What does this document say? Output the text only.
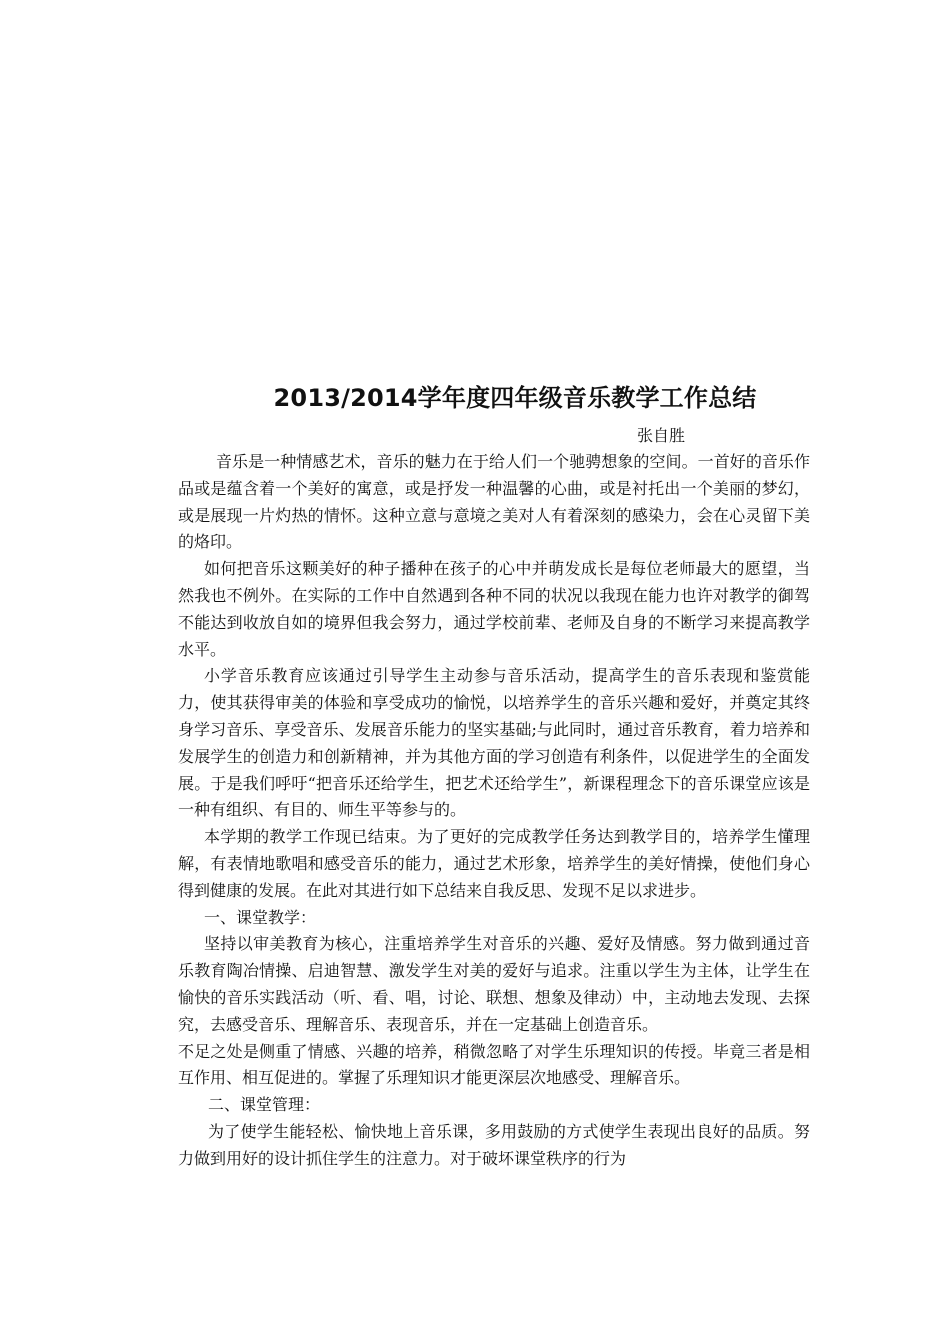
2013/2014学年度四年级音乐教学工作总结
张自胜

音乐是一种情感艺术，音乐的魅力在于给人们一个驰骋想象的空间。一首好的音乐作品或是蕴含着一个美好的寓意，或是抒发一种温馨的心曲，或是衬托出一个美丽的梦幻，或是展现一片灼热的情怀。这种立意与意境之美对人有着深刻的感染力，会在心灵留下美的烙印。

如何把音乐这颗美好的种子播种在孩子的心中并萌发成长是每位老师最大的愿望，当然我也不例外。在实际的工作中自然遇到各种不同的状况以我现在能力也许对教学的御驾不能达到收放自如的境界但我会努力，通过学校前辈、老师及自身的不断学习来提高教学水平。

小学音乐教育应该通过引导学生主动参与音乐活动，提高学生的音乐表现和鉴赏能力，使其获得审美的体验和享受成功的愉悦，以培养学生的音乐兴趣和爱好，并奠定其终身学习音乐、享受音乐、发展音乐能力的坚实基础;与此同时，通过音乐教育，着力培养和发展学生的创造力和创新精神，并为其他方面的学习创造有利条件，以促进学生的全面发展。于是我们呼吁“把音乐还给学生，把艺术还给学生”，新课程理念下的音乐课堂应该是一种有组织、有目的、师生平等参与的。

本学期的教学工作现已结束。为了更好的完成教学任务达到教学目的，培养学生懂理解，有表情地歌唱和感受音乐的能力，通过艺术形象，培养学生的美好情操，使他们身心得到健康的发展。在此对其进行如下总结来自我反思、发现不足以求进步。

一、课堂教学：

坚持以审美教育为核心，注重培养学生对音乐的兴趣、爱好及情感。努力做到通过音乐教育陶冶情操、启迪智慧、激发学生对美的爱好与追求。注重以学生为主体，让学生在愉快的音乐实践活动（听、看、唱，讨论、联想、想象及律动）中，主动地去发现、去探究，去感受音乐、理解音乐、表现音乐，并在一定基础上创造音乐。

不足之处是侧重了情感、兴趣的培养，稍微忽略了对学生乐理知识的传授。毕竟三者是相互作用、相互促进的。掌握了乐理知识才能更深层次地感受、理解音乐。

二、课堂管理：

为了使学生能轻松、愉快地上音乐课，多用鼓励的方式使学生表现出良好的品质。努力做到用好的设计抓住学生的注意力。对于破坏课堂秩序的行为
